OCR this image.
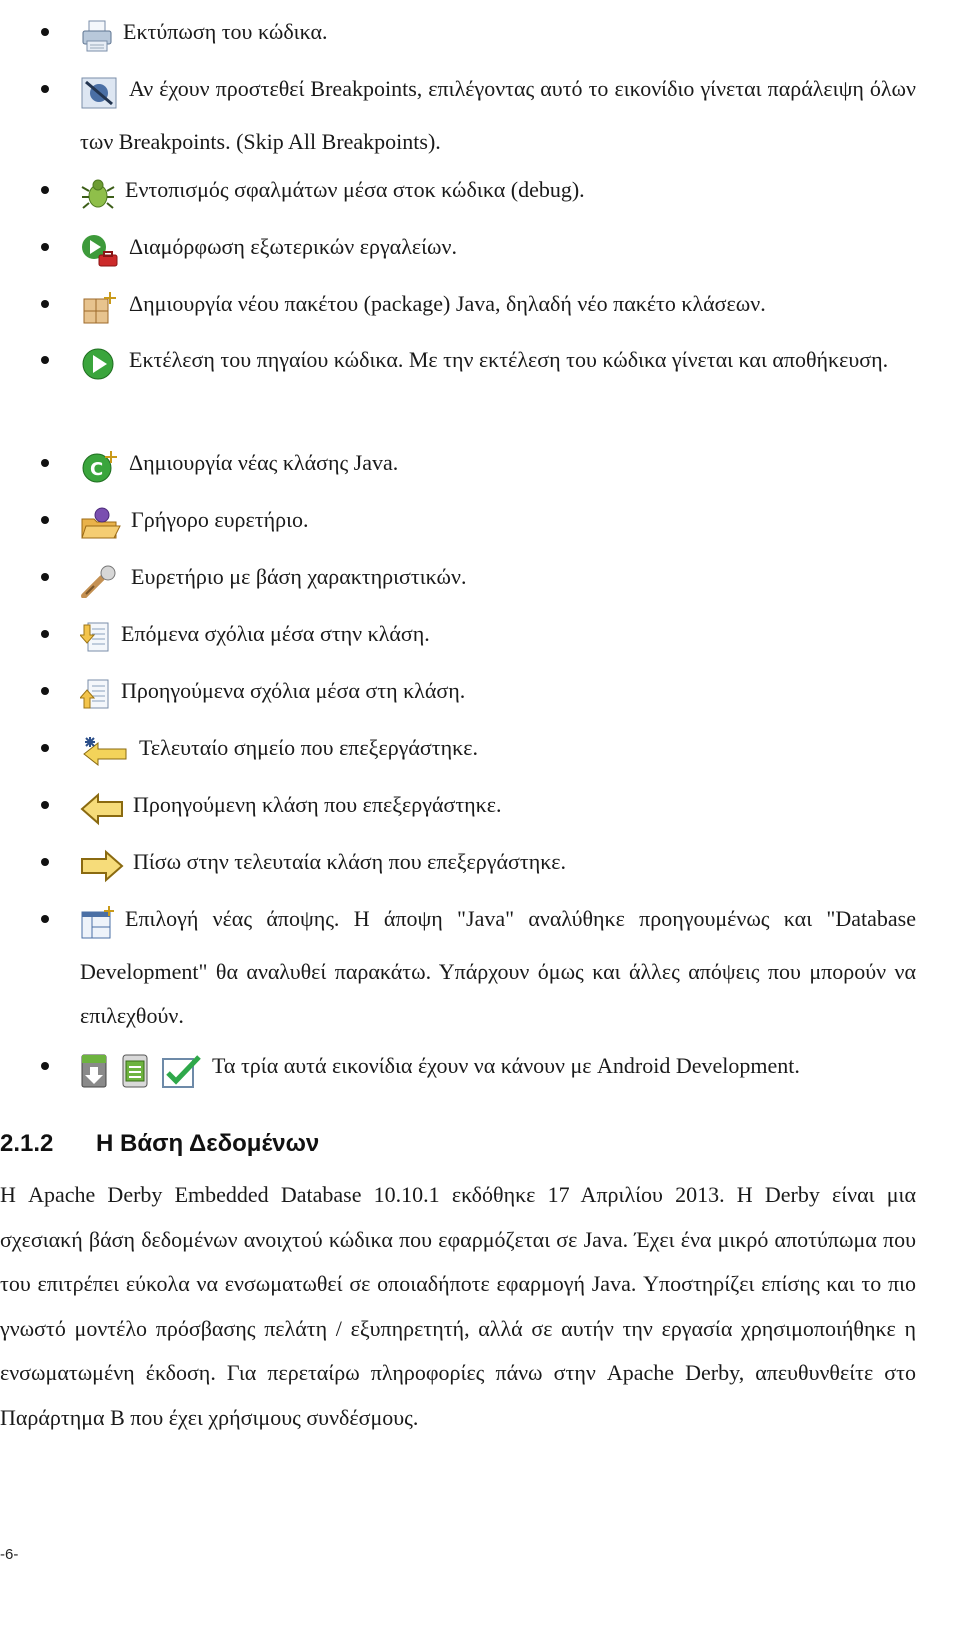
Εκτύπωση του κώδικα.
Αν έχουν προστεθεί Breakpoints, επιλέγοντας αυτό το εικονίδιο γίνεται παράλειψη όλων των Breakpoints. (Skip All Breakpoints).
Εντοπισμός σφαλμάτων μέσα στοκ κώδικα (debug).
Διαμόρφωση εξωτερικών εργαλείων.
Δημιουργία νέου πακέτου (package) Java, δηλαδή νέο πακέτο κλάσεων.
Εκτέλεση του πηγαίου κώδικα. Με την εκτέλεση του κώδικα γίνεται και αποθήκευση.
C Δημιουργία νέας κλάσης Java.
Γρήγορο ευρετήριο.
Ευρετήριο με βάση χαρακτηριστικών.
Επόμενα σχόλια μέσα στην κλάση.
Προηγούμενα σχόλια μέσα στη κλάση.
Τελευταίο σημείο που επεξεργάστηκε.
Προηγούμενη κλάση που επεξεργάστηκε.
Πίσω στην τελευταία κλάση που επεξεργάστηκε.
Επιλογή νέας άποψης. Η άποψη "Java" αναλύθηκε προηγουμένως και "Database Development" θα αναλυθεί παρακάτω. Υπάρχουν όμως και άλλες απόψεις που μπορούν να επιλεχθούν.
Τα τρία αυτά εικονίδια έχουν να κάνουν με Android Development.
2.1.2 Η Βάση Δεδομένων

Η Apache Derby Embedded Database 10.10.1 εκδόθηκε 17 Απριλίου 2013. Η Derby είναι μια σχεσιακή βάση δεδομένων ανοιχτού κώδικα που εφαρμόζεται σε Java. Έχει ένα μικρό αποτύπωμα που του επιτρέπει εύκολα να ενσωματωθεί σε οποιαδήποτε εφαρμογή Java. Υποστηρίζει επίσης και το πιο γνωστό μοντέλο πρόσβασης πελάτη / εξυπηρετητή, αλλά σε αυτήν την εργασία χρησιμοποιήθηκε η ενσωματωμένη έκδοση. Για περεταίρω πληροφορίες πάνω στην Apache Derby, απευθυνθείτε στο Παράρτημα Β που έχει χρήσιμους συνδέσμους.

-6-
